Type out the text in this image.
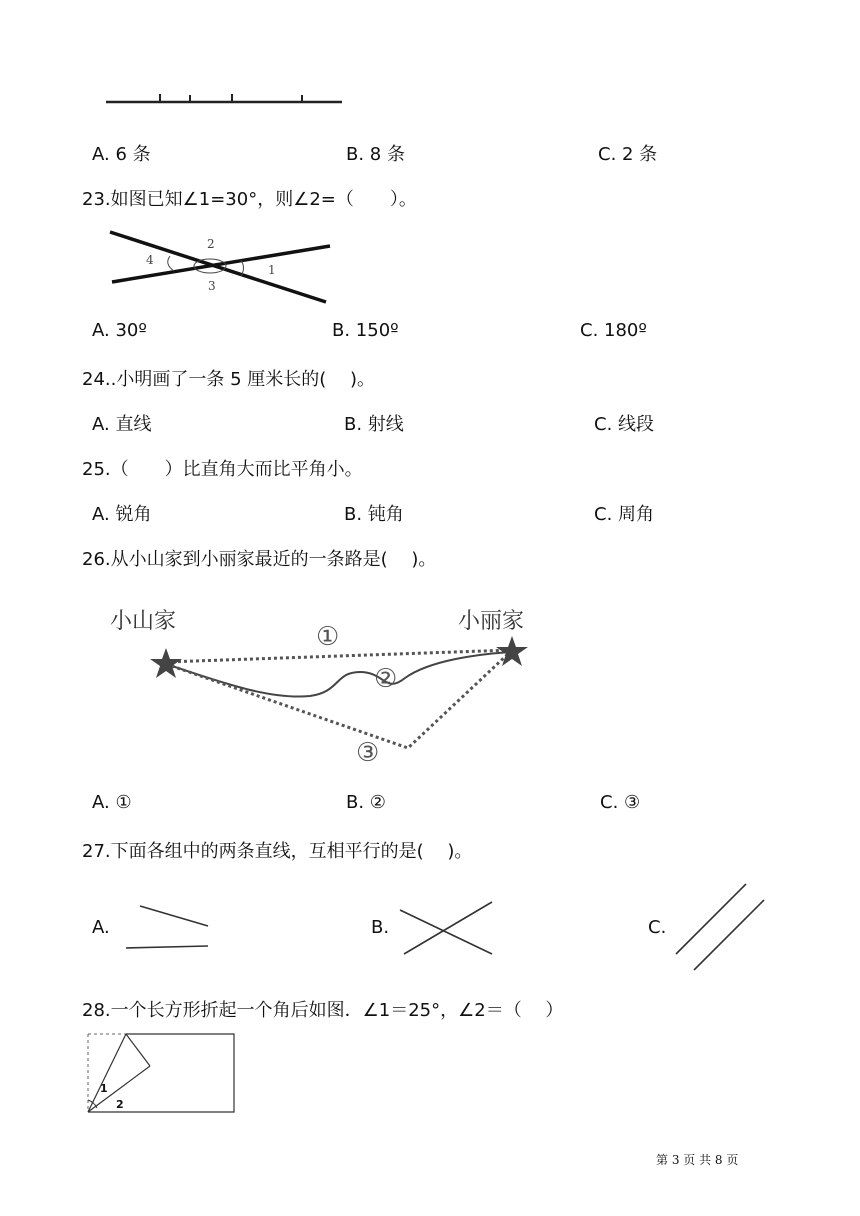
A. 6 条	B. 8 条	C. 2 条
23.如图已知∠1=30°，则∠2=（　　）。
2
4
3
1
A. 30º	B. 150º	C. 180º
24..小明画了一条 5 厘米长的(　 )。
A. 直线	B. 射线	C. 线段
25.（　　）比直角大而比平角小。
A. 锐角	B. 钝角	C. 周角
26.从小山家到小丽家最近的一条路是(　 )。
小山家	小丽家
①
②
③
A. ①	B. ②	C. ③
27.下面各组中的两条直线，互相平行的是(　 )。
A.	B.	C.
28.一个长方形折起一个角后如图．∠1＝25°，∠2＝（　 ）
1
2
第 3 页 共 8 页
